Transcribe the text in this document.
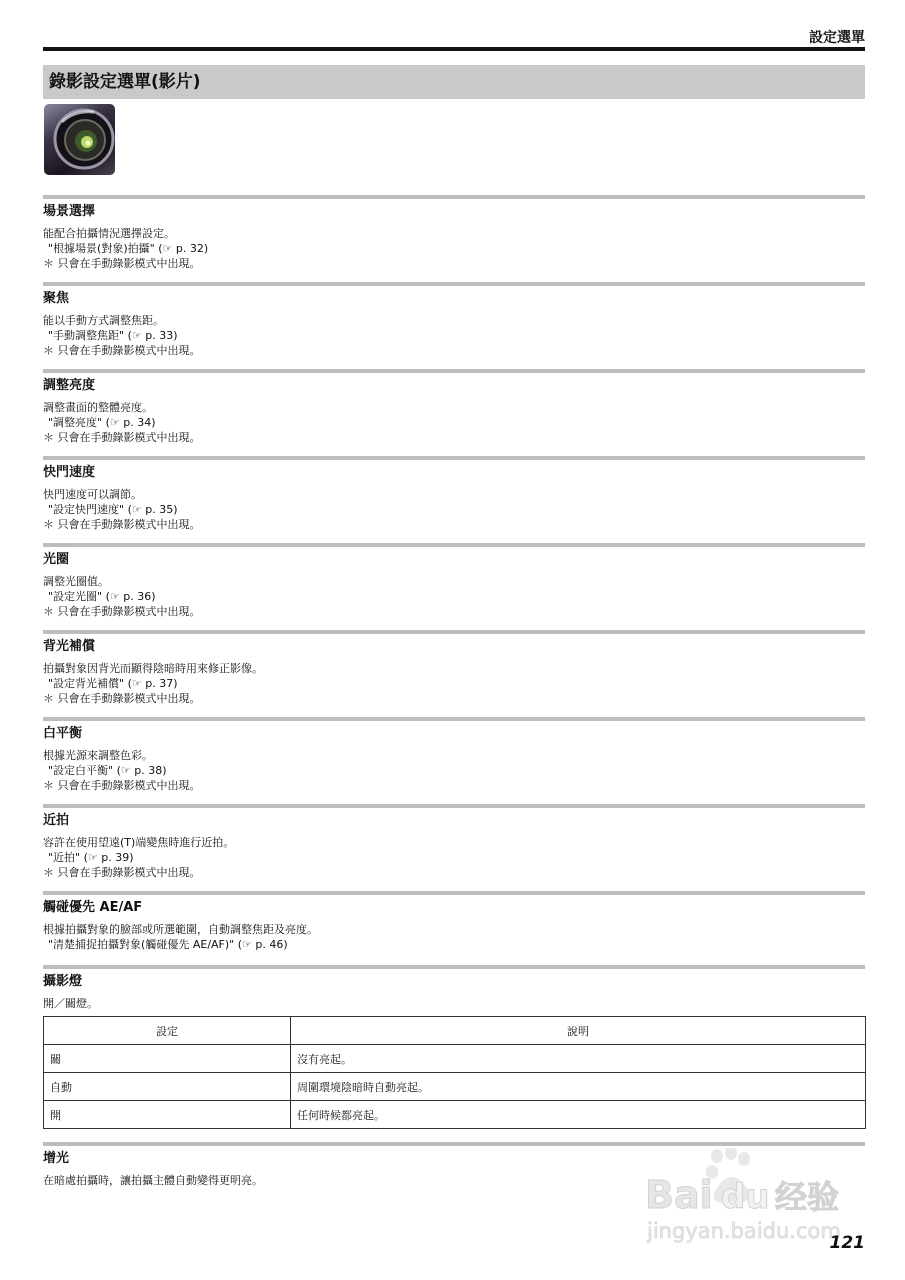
設定選單
錄影設定選單(影片)
場景選擇

能配合拍攝情況選擇設定。

"根據場景(對象)拍攝" (☞ p. 32)

＊ 只會在手動錄影模式中出現。

聚焦

能以手動方式調整焦距。

"手動調整焦距" (☞ p. 33)

＊ 只會在手動錄影模式中出現。

調整亮度

調整畫面的整體亮度。

"調整亮度" (☞ p. 34)

＊ 只會在手動錄影模式中出現。

快門速度

快門速度可以調節。

"設定快門速度" (☞ p. 35)

＊ 只會在手動錄影模式中出現。

光圈

調整光圈值。

"設定光圈" (☞ p. 36)

＊ 只會在手動錄影模式中出現。

背光補償

拍攝對象因背光而顯得陰暗時用來修正影像。

"設定背光補償" (☞ p. 37)

＊ 只會在手動錄影模式中出現。

白平衡

根據光源來調整色彩。

"設定白平衡" (☞ p. 38)

＊ 只會在手動錄影模式中出現。

近拍

容許在使用望遠(T)端變焦時進行近拍。

"近拍" (☞ p. 39)

＊ 只會在手動錄影模式中出現。

觸碰優先 AE/AF

根據拍攝對象的臉部或所選範圍，自動調整焦距及亮度。

"清楚捕捉拍攝對象(觸碰優先 AE/AF)" (☞ p. 46)

攝影燈

開／關燈。

設定	說明
關	沒有亮起。
自動	周圍環境陰暗時自動亮起。
開	任何時候都亮起。
增光

在暗處拍攝時，讓拍攝主體自動變得更明亮。	Bai du 经验
jingyan.baidu.com
121
